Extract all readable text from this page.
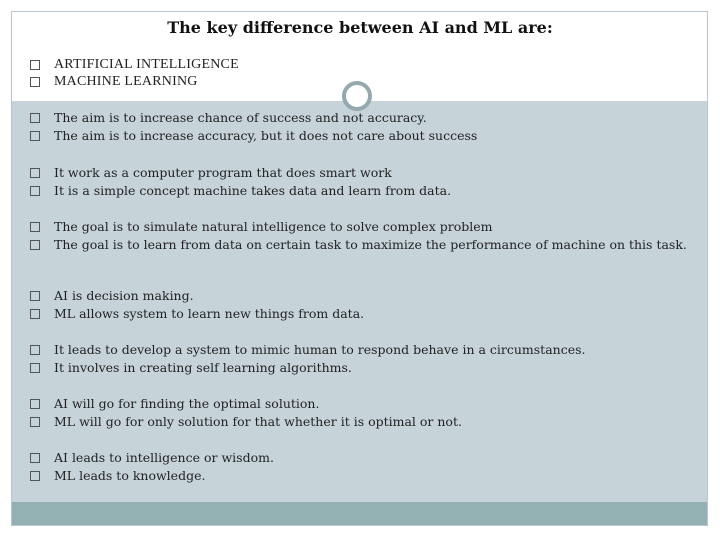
The key difference between AI and ML are:
ARTIFICIAL INTELLIGENCE
MACHINE LEARNING
The aim is to increase chance of success and not accuracy.
The aim is to increase accuracy, but it does not care about success
It work as a computer program that does smart work
It is a simple concept machine takes data and learn from data.
The goal is to simulate natural intelligence to solve complex problem
The goal is to learn from data on certain task to maximize the performance of machine on this task.
AI is decision making.
ML allows system to learn new things from data.
It leads to develop a system to mimic human to respond behave in a circumstances.
It involves in creating self learning algorithms.
AI will go for finding the optimal solution.
ML will go for only solution for that whether it is optimal or not.
AI leads to intelligence or wisdom.
ML leads to knowledge.
